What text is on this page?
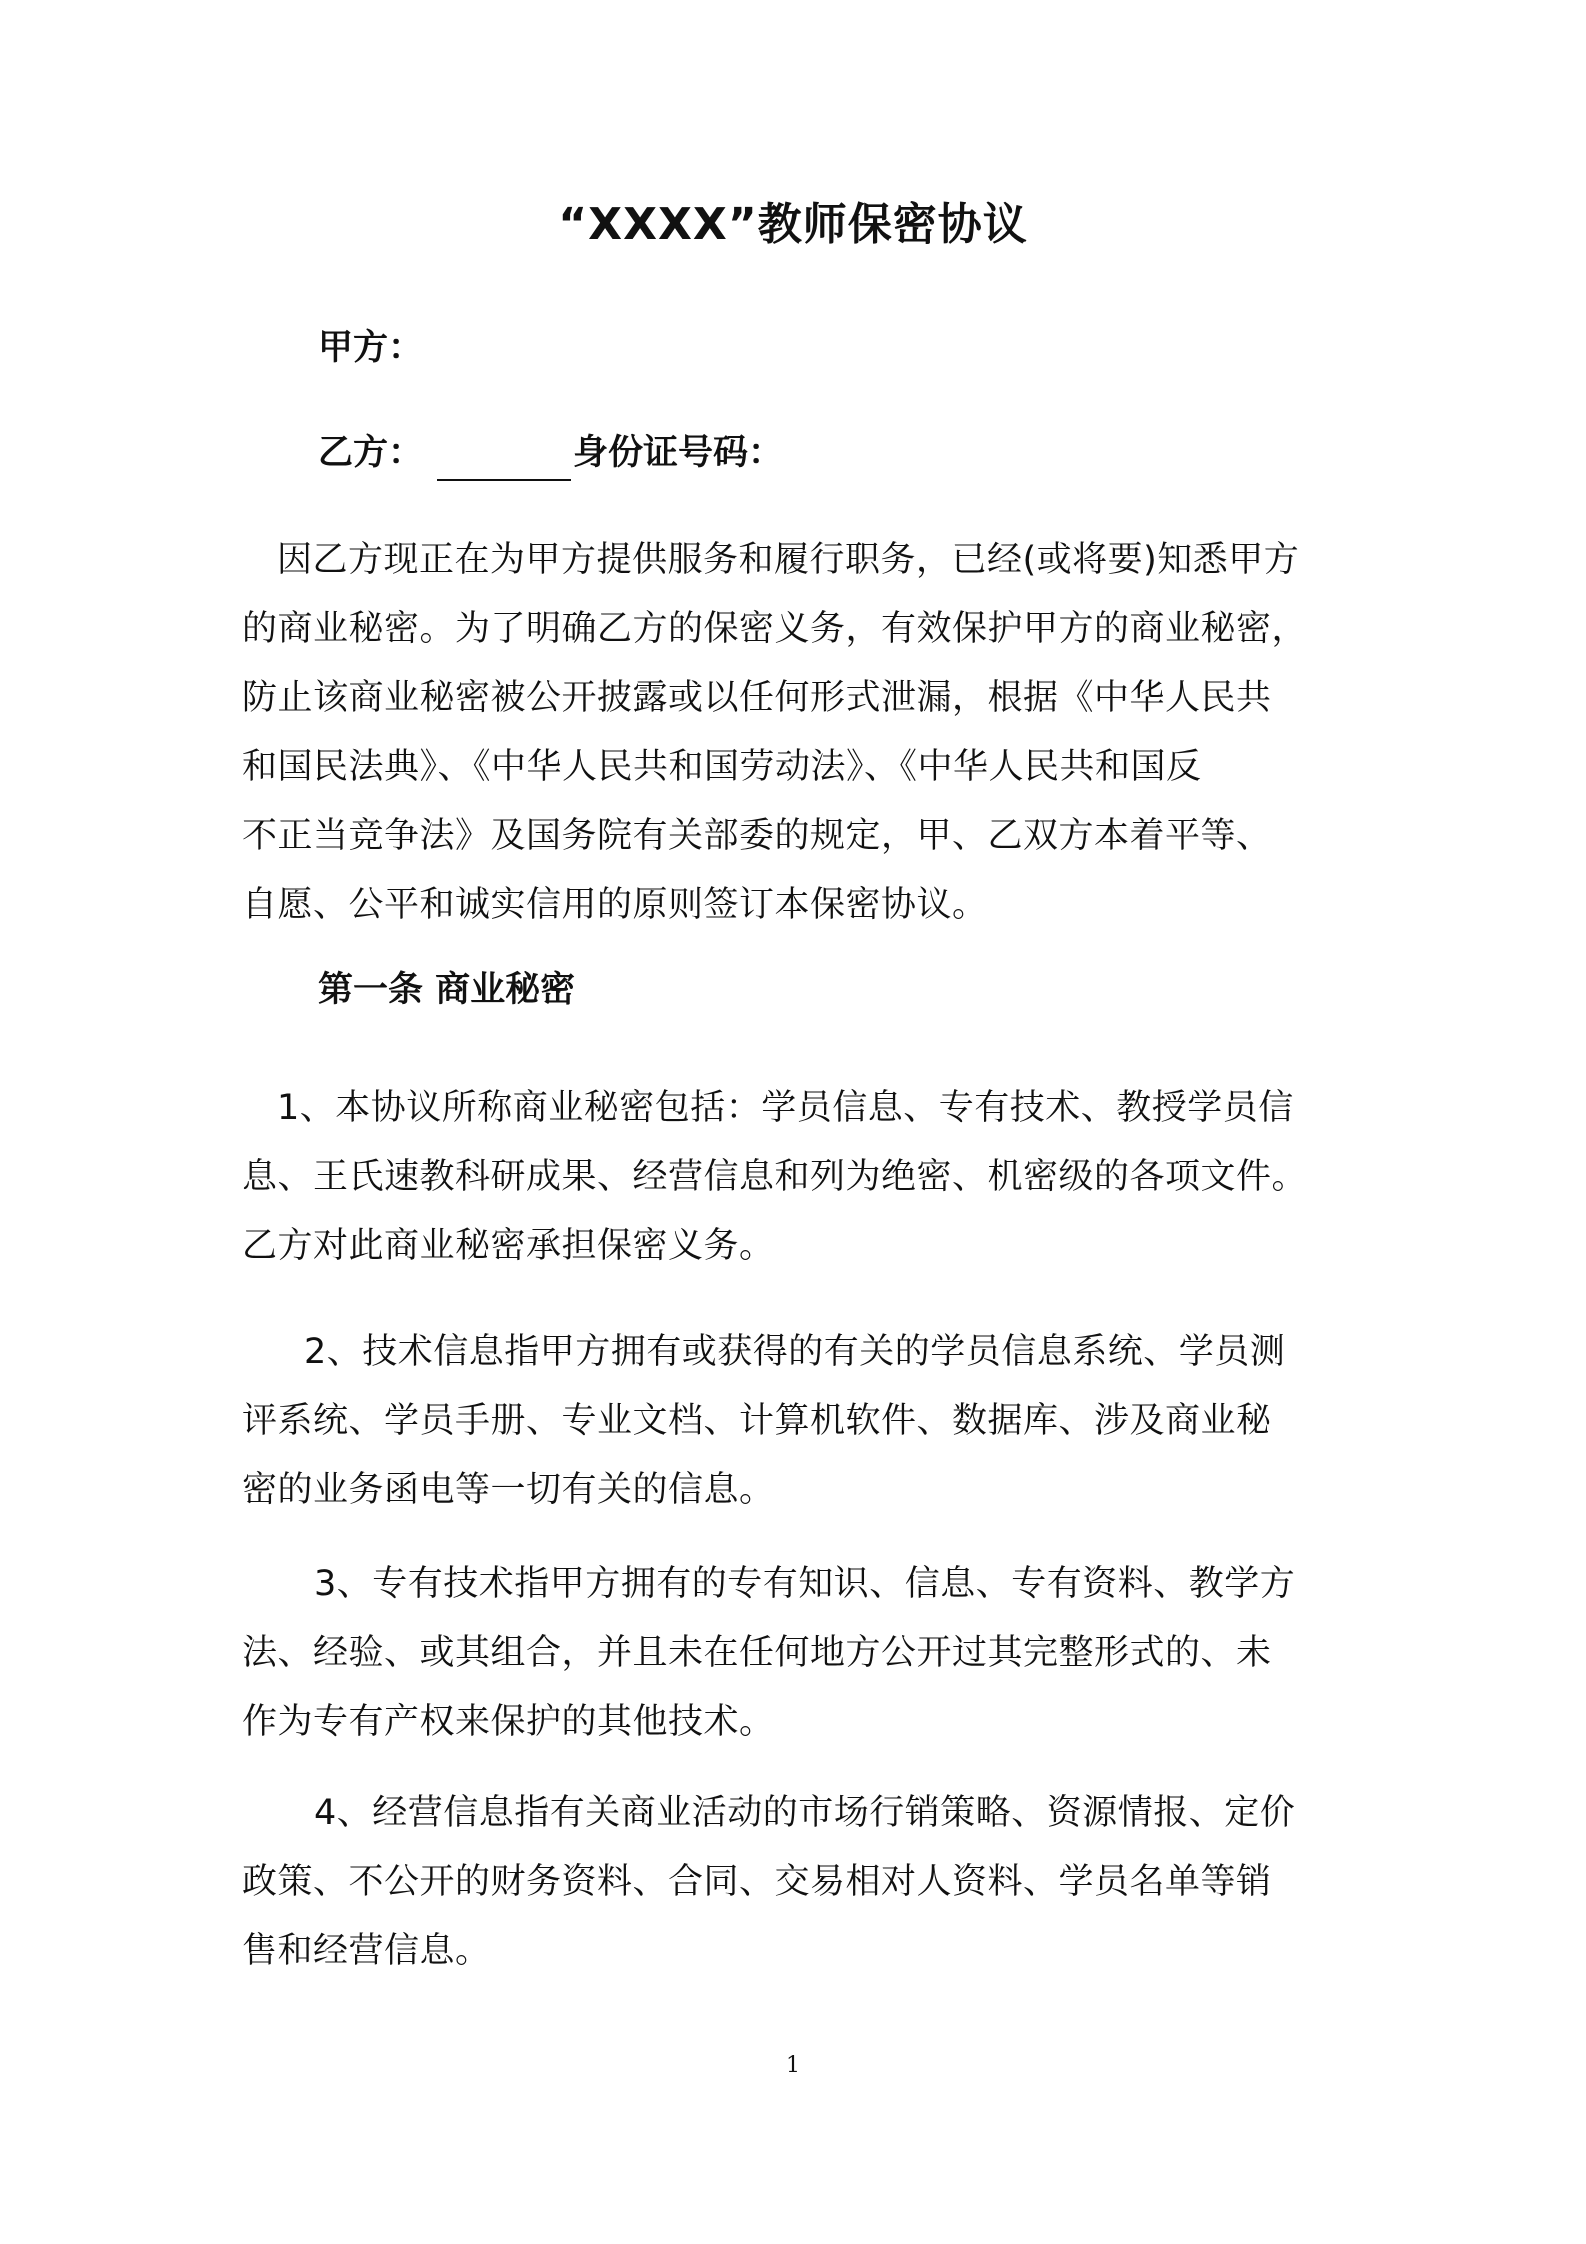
“XXXX”教师保密协议
甲方：
乙方：	身份证号码：
因乙方现正在为甲方提供服务和履行职务，已经(或将要)知悉甲方
的商业秘密。为了明确乙方的保密义务，有效保护甲方的商业秘密，
防止该商业秘密被公开披露或以任何形式泄漏，根据《中华人民共
和国民法典》、《中华人民共和国劳动法》、《中华人民共和国反
不正当竞争法》及国务院有关部委的规定，甲、乙双方本着平等、
自愿、公平和诚实信用的原则签订本保密协议。
第一条 商业秘密
1、本协议所称商业秘密包括：学员信息、专有技术、教授学员信
息、王氏速教科研成果、经营信息和列为绝密、机密级的各项文件。
乙方对此商业秘密承担保密义务。
2、技术信息指甲方拥有或获得的有关的学员信息系统、学员测
评系统、学员手册、专业文档、计算机软件、数据库、涉及商业秘
密的业务函电等一切有关的信息。
3、专有技术指甲方拥有的专有知识、信息、专有资料、教学方
法、经验、或其组合，并且未在任何地方公开过其完整形式的、未
作为专有产权来保护的其他技术。
4、经营信息指有关商业活动的市场行销策略、资源情报、定价
政策、不公开的财务资料、合同、交易相对人资料、学员名单等销
售和经营信息。
1
